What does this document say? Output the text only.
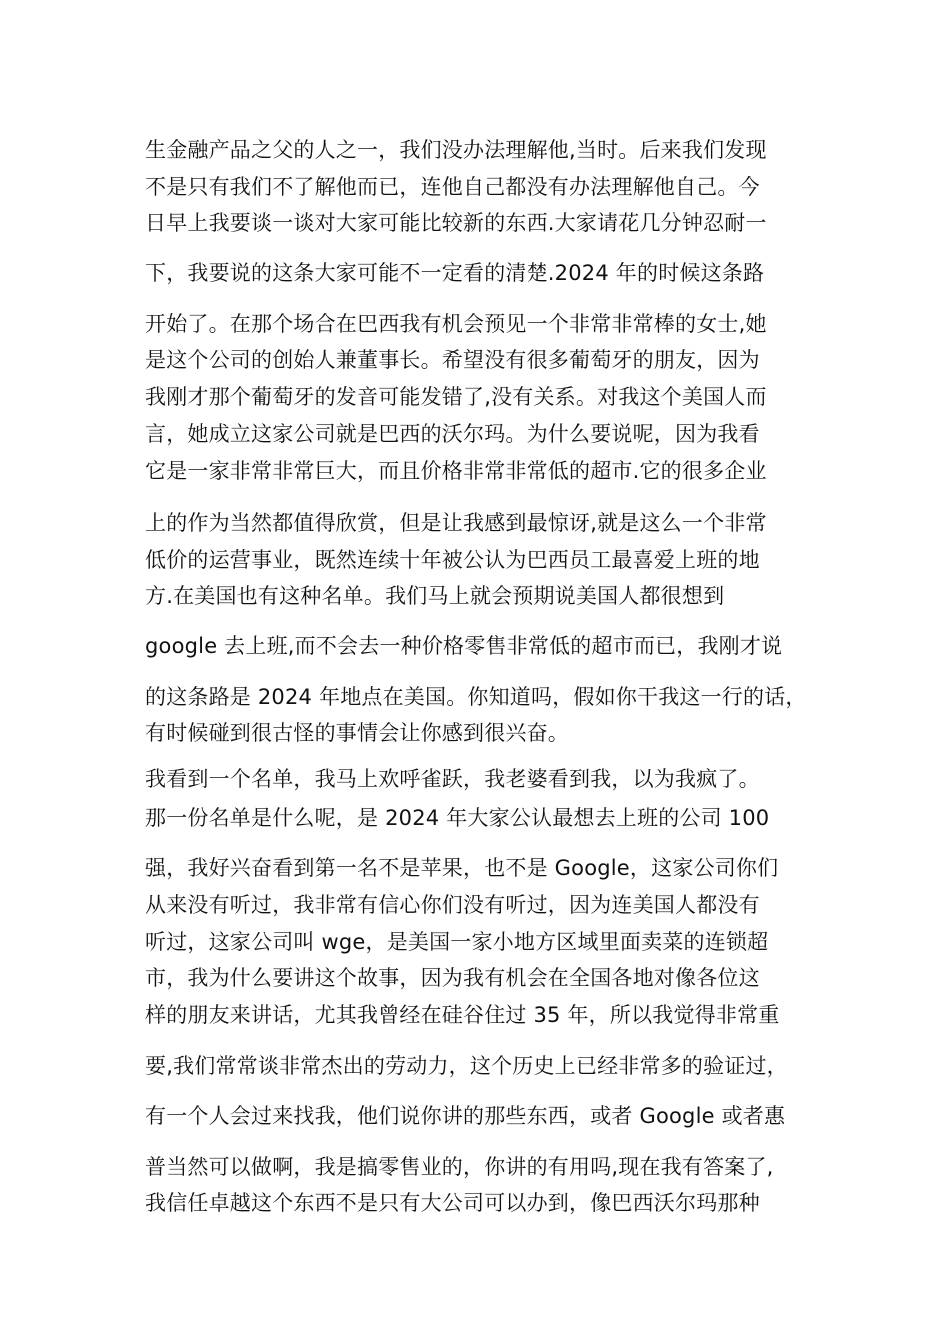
生金融产品之父的人之一，我们没办法理解他,当时。后来我们发现
不是只有我们不了解他而已，连他自己都没有办法理解他自己。今
日早上我要谈一谈对大家可能比较新的东西.大家请花几分钟忍耐一
下，我要说的这条大家可能不一定看的清楚.2024 年的时候这条路
开始了。在那个场合在巴西我有机会预见一个非常非常棒的女士,她
是这个公司的创始人兼董事长。希望没有很多葡萄牙的朋友，因为
我刚才那个葡萄牙的发音可能发错了,没有关系。对我这个美国人而
言，她成立这家公司就是巴西的沃尔玛。为什么要说呢，因为我看
它是一家非常非常巨大，而且价格非常非常低的超市.它的很多企业
上的作为当然都值得欣赏，但是让我感到最惊讶,就是这么一个非常
低价的运营事业，既然连续十年被公认为巴西员工最喜爱上班的地
方.在美国也有这种名单。我们马上就会预期说美国人都很想到
google 去上班,而不会去一种价格零售非常低的超市而已，我刚才说
的这条路是 2024 年地点在美国。你知道吗，假如你干我这一行的话，
有时候碰到很古怪的事情会让你感到很兴奋。
我看到一个名单，我马上欢呼雀跃，我老婆看到我，以为我疯了。
那一份名单是什么呢，是 2024 年大家公认最想去上班的公司 100
强，我好兴奋看到第一名不是苹果，也不是 Google，这家公司你们
从来没有听过，我非常有信心你们没有听过，因为连美国人都没有
听过，这家公司叫 wge，是美国一家小地方区域里面卖菜的连锁超
市，我为什么要讲这个故事，因为我有机会在全国各地对像各位这
样的朋友来讲话，尤其我曾经在硅谷住过 35 年，所以我觉得非常重
要,我们常常谈非常杰出的劳动力，这个历史上已经非常多的验证过，
有一个人会过来找我，他们说你讲的那些东西，或者 Google 或者惠
普当然可以做啊，我是搞零售业的，你讲的有用吗,现在我有答案了,
我信任卓越这个东西不是只有大公司可以办到，像巴西沃尔玛那种
